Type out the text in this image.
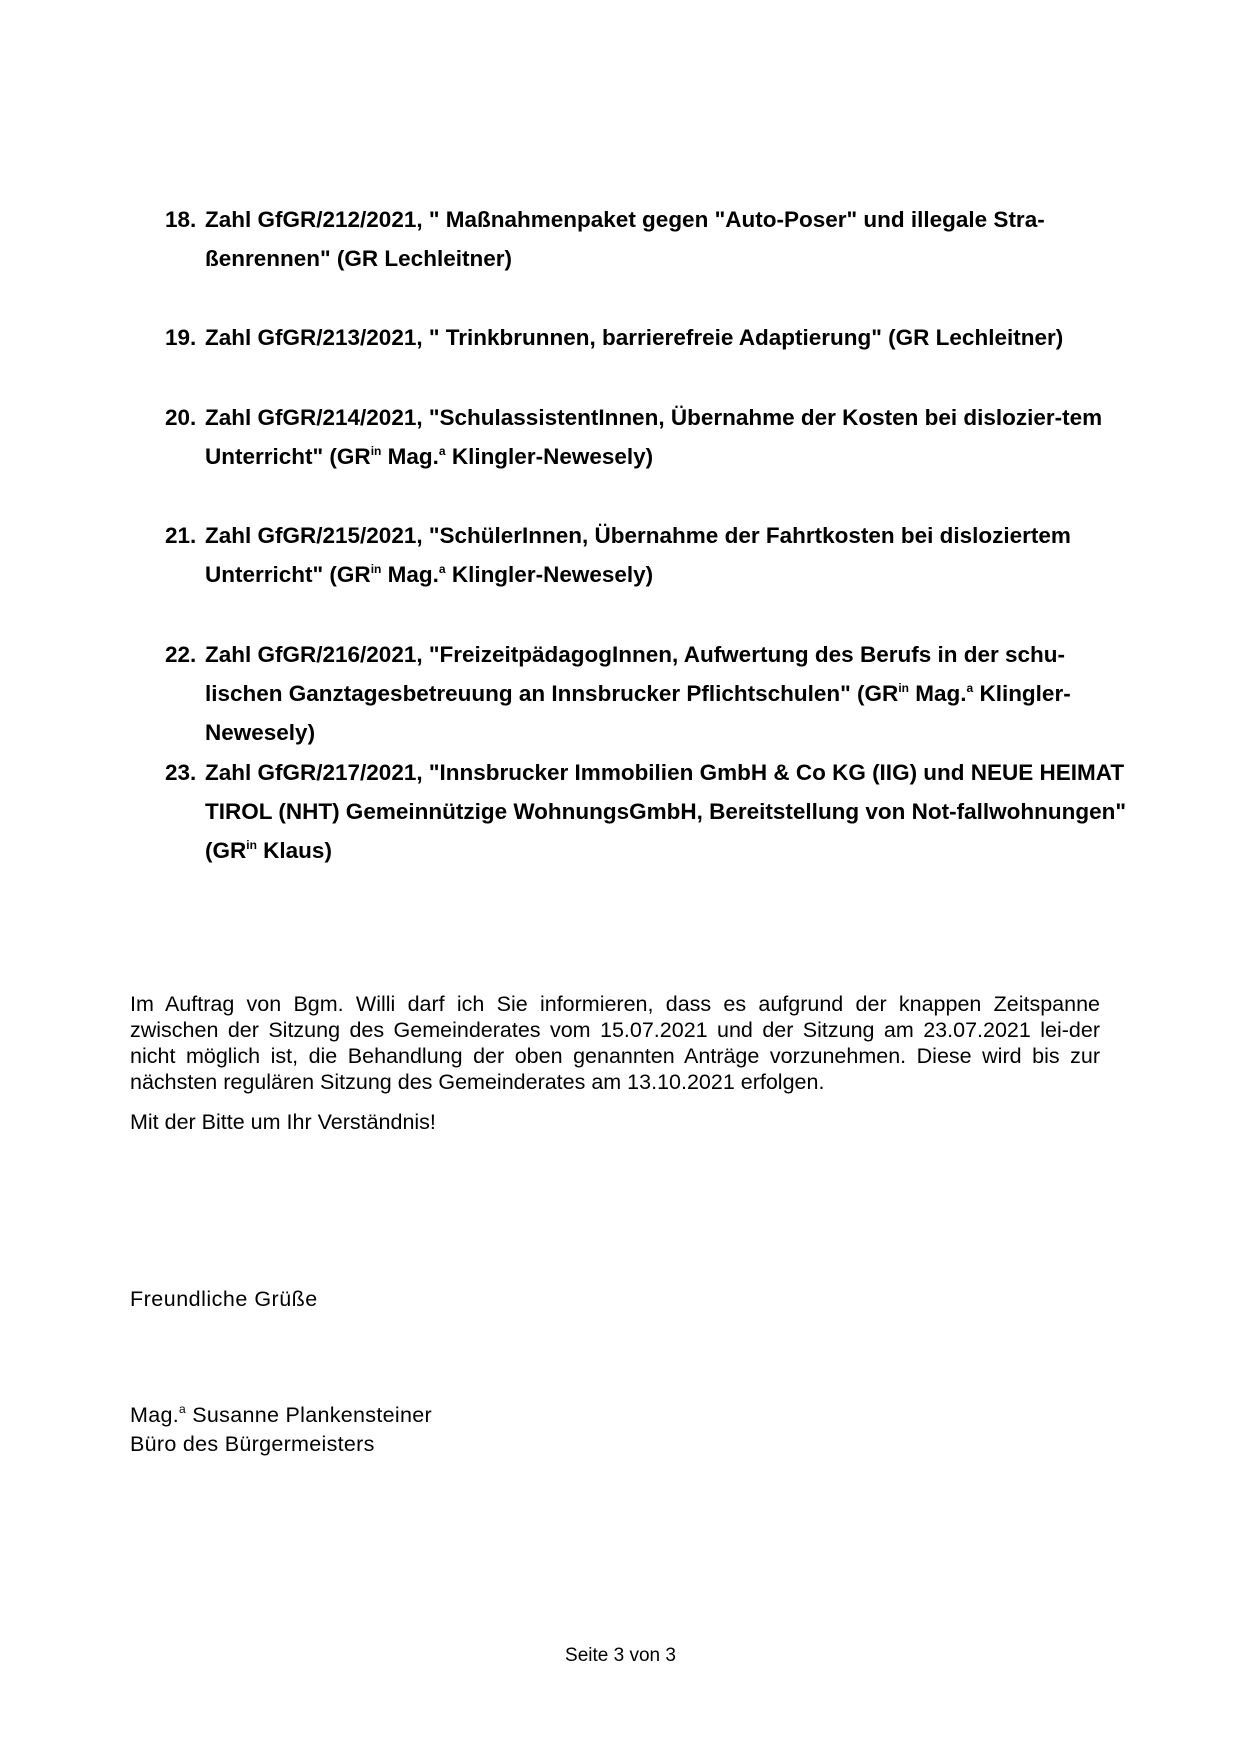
18. Zahl GfGR/212/2021, " Maßnahmenpaket gegen "Auto-Poser" und illegale Stra-ßenrennen" (GR Lechleitner)
19. Zahl GfGR/213/2021, " Trinkbrunnen, barrierefreie Adaptierung" (GR Lechleitner)
20. Zahl GfGR/214/2021, "SchulassistentInnen, Übernahme der Kosten bei dislozier-tem Unterricht" ($GR^{in}$ Mag.$^a$ Klingler-Newesely)
21. Zahl GfGR/215/2021, "SchülerInnen, Übernahme der Fahrtkosten bei disloziertem Unterricht" ($GR^{in}$ Mag.$^a$ Klingler-Newesely)
22. Zahl GfGR/216/2021, "FreizeitpädagogInnen, Aufwertung des Berufs in der schu-lischen Ganztagesbetreuung an Innsbrucker Pflichtschulen" ($GR^{in}$ Mag.$^a$ Klingler-Newesely)
23. Zahl GfGR/217/2021, "Innsbrucker Immobilien GmbH & Co KG (IIG) und NEUE HEIMAT TIROL (NHT) Gemeinnützige WohnungsGmbH, Bereitstellung von Not-fallwohnungen" ($GR^{in}$ Klaus)

Im Auftrag von Bgm. Willi darf ich Sie informieren, dass es aufgrund der knappen Zeitspanne zwischen der Sitzung des Gemeinderates vom 15.07.2021 und der Sitzung am 23.07.2021 lei-der nicht möglich ist, die Behandlung der oben genannten Anträge vorzunehmen. Diese wird bis zur nächsten regulären Sitzung des Gemeinderates am 13.10.2021 erfolgen.

Mit der Bitte um Ihr Verständnis!

Freundliche Grüße

Mag.$^a$ Susanne Plankensteiner
Büro des Bürgermeisters

Seite 3 von 3
